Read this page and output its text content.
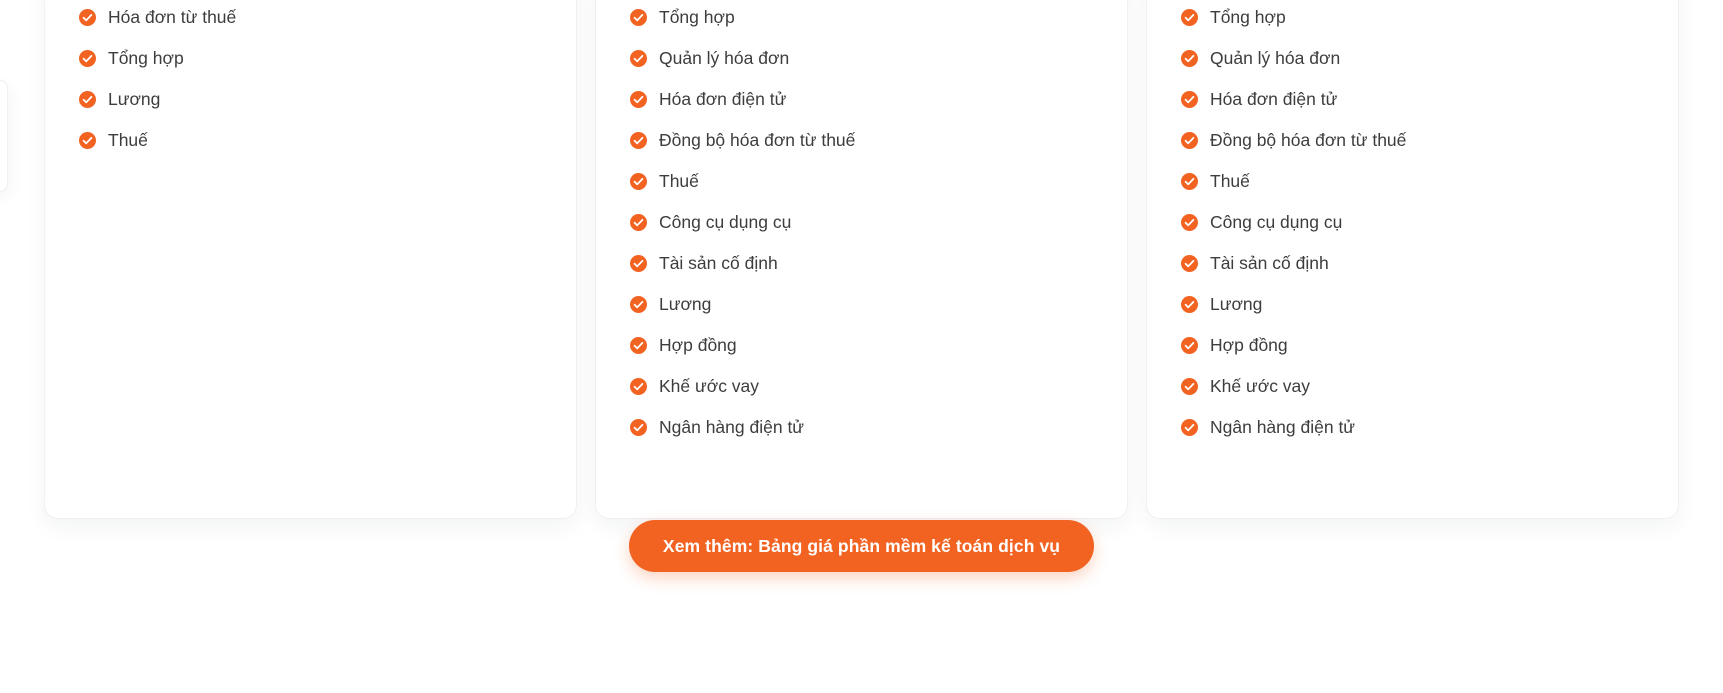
Hóa đơn từ thuế
Tổng hợp
Lương
Thuế
Tổng hợp
Quản lý hóa đơn
Hóa đơn điện tử
Đồng bộ hóa đơn từ thuế
Thuế
Công cụ dụng cụ
Tài sản cố định
Lương
Hợp đồng
Khế ước vay
Ngân hàng điện tử
Tổng hợp
Quản lý hóa đơn
Hóa đơn điện tử
Đồng bộ hóa đơn từ thuế
Thuế
Công cụ dụng cụ
Tài sản cố định
Lương
Hợp đồng
Khế ước vay
Ngân hàng điện tử
Xem thêm: Bảng giá phần mềm kế toán dịch vụ
